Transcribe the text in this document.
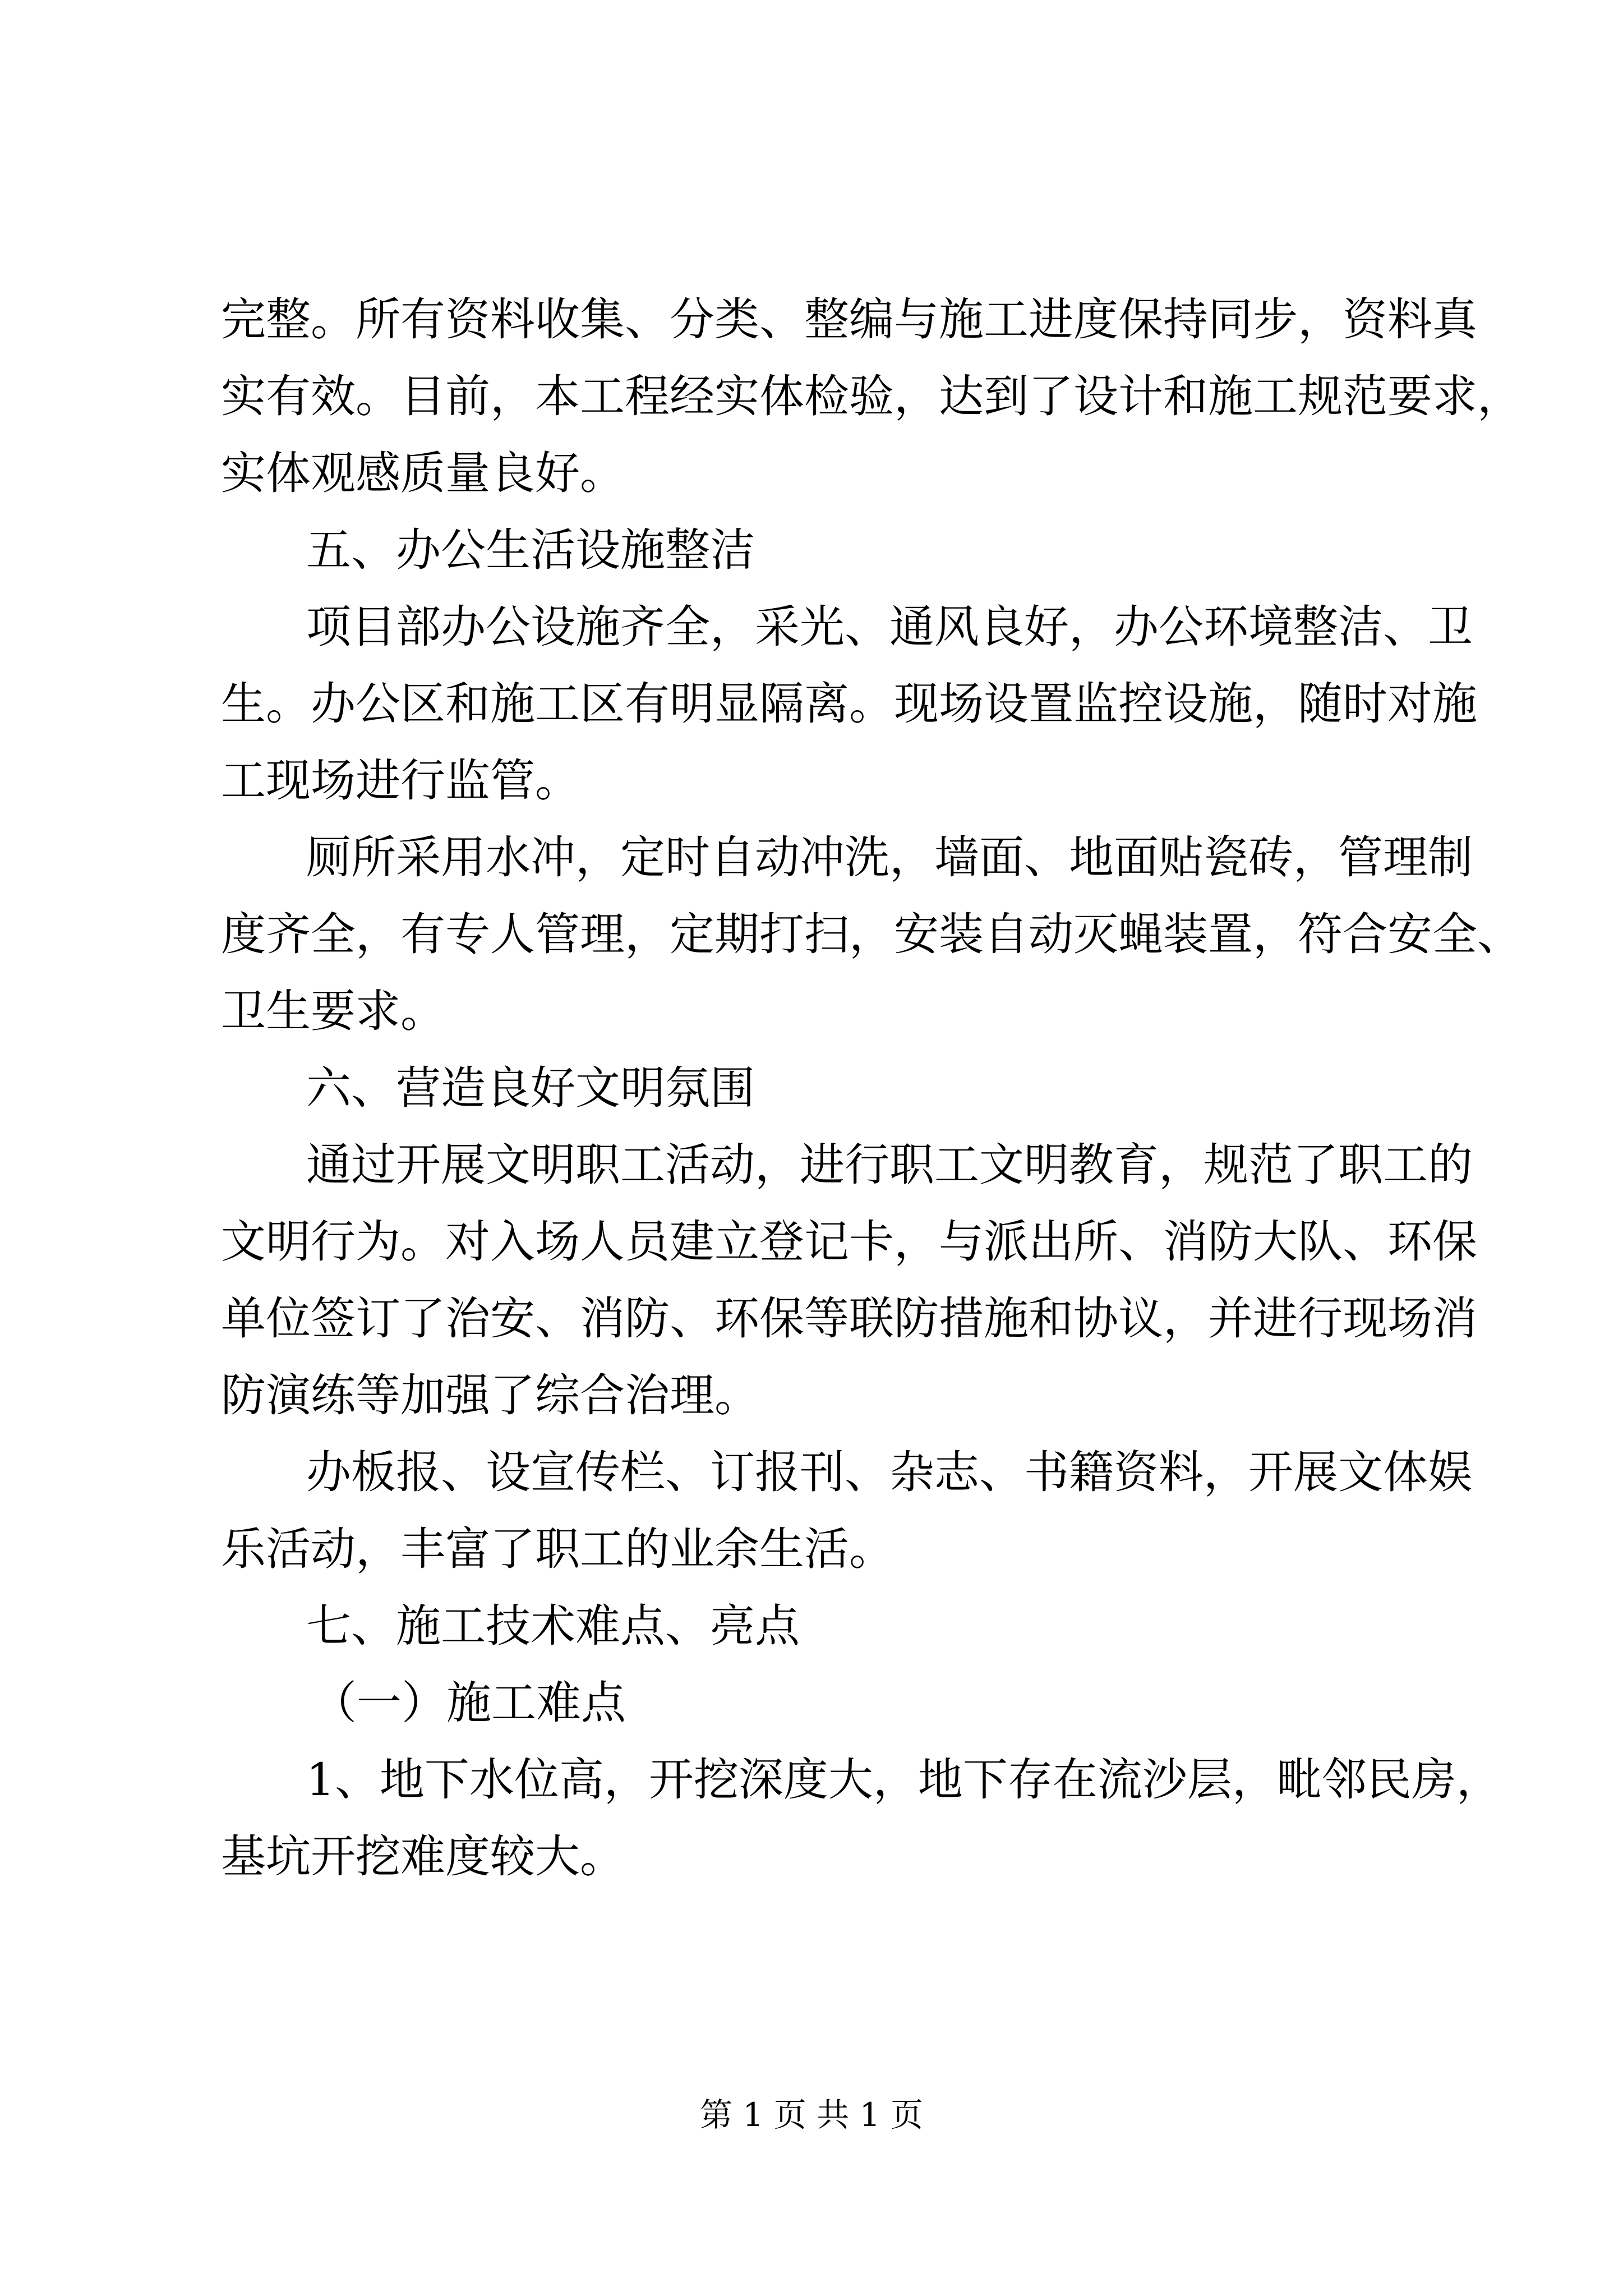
完整。所有资料收集、分类、整编与施工进度保持同步，资料真

实有效。目前，本工程经实体检验，达到了设计和施工规范要求，

实体观感质量良好。

五、办公生活设施整洁

项目部办公设施齐全，采光、通风良好，办公环境整洁、卫

生。办公区和施工区有明显隔离。现场设置监控设施，随时对施

工现场进行监管。

厕所采用水冲，定时自动冲洗，墙面、地面贴瓷砖，管理制

度齐全，有专人管理，定期打扫，安装自动灭蝇装置，符合安全、

卫生要求。

六、营造良好文明氛围

通过开展文明职工活动，进行职工文明教育，规范了职工的

文明行为。对入场人员建立登记卡，与派出所、消防大队、环保

单位签订了治安、消防、环保等联防措施和协议，并进行现场消

防演练等加强了综合治理。

办板报、设宣传栏、订报刊、杂志、书籍资料，开展文体娱

乐活动，丰富了职工的业余生活。

七、施工技术难点、亮点

（一）施工难点

1、地下水位高，开挖深度大，地下存在流沙层，毗邻民房，

基坑开挖难度较大。

第 1 页 共 1 页
